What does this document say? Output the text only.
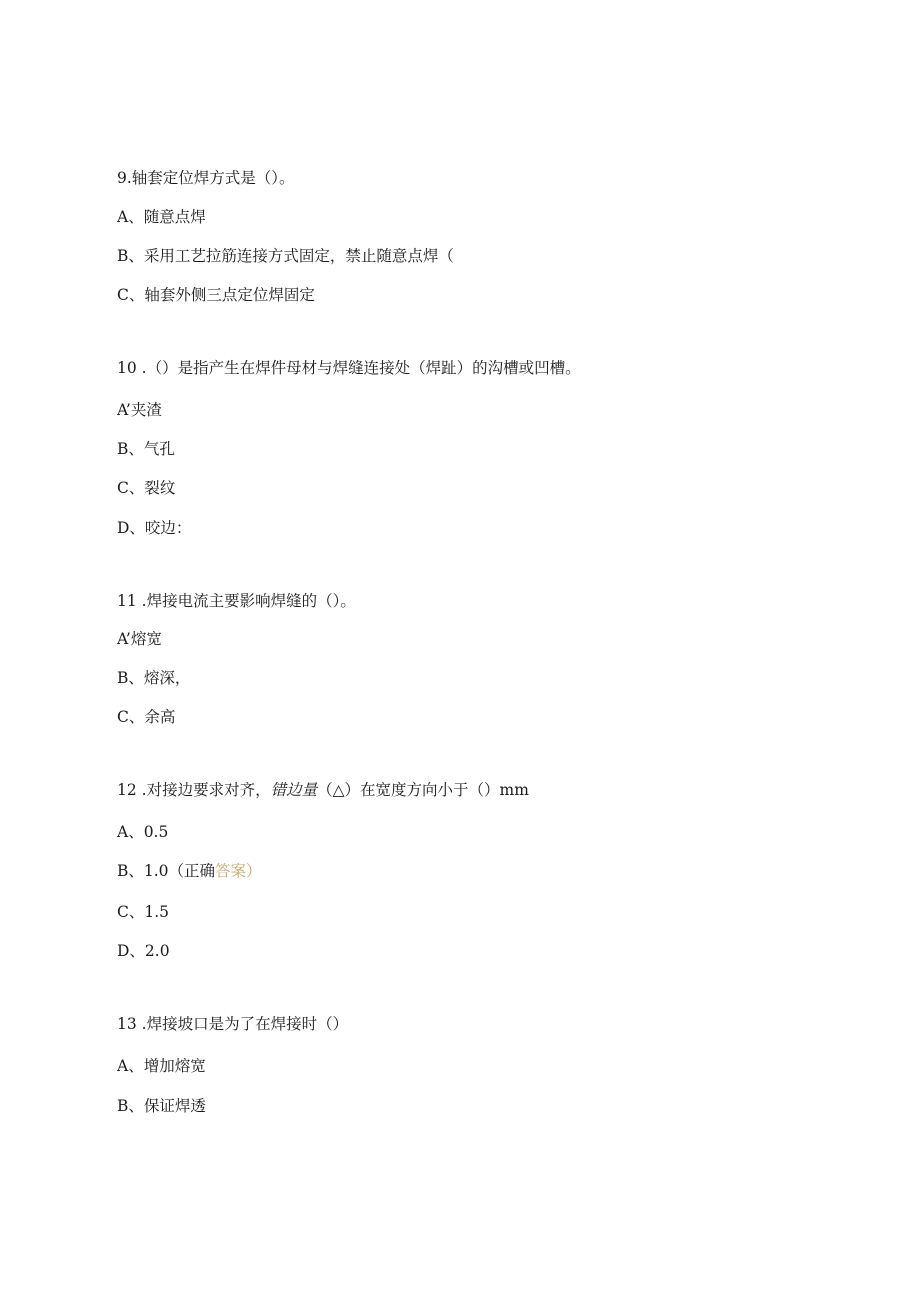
9.轴套定位焊方式是（）。
A、随意点焊
B、采用工艺拉筋连接方式固定，禁止随意点焊（
C、轴套外侧三点定位焊固定
10 .（）是指产生在焊件母材与焊缝连接处（焊趾）的沟槽或凹槽。
A’夹渣
B、气孔
C、裂纹
D、咬边：
11 .焊接电流主要影响焊缝的（）。
A’熔宽
B、熔深，
C、余高
12 .对接边要求对齐，错边量（△）在宽度方向小于（）mm
A、0.5
B、1.0（正确答案）
C、1.5
D、2.0
13 .焊接坡口是为了在焊接时（）
A、增加熔宽
B、保证焊透
